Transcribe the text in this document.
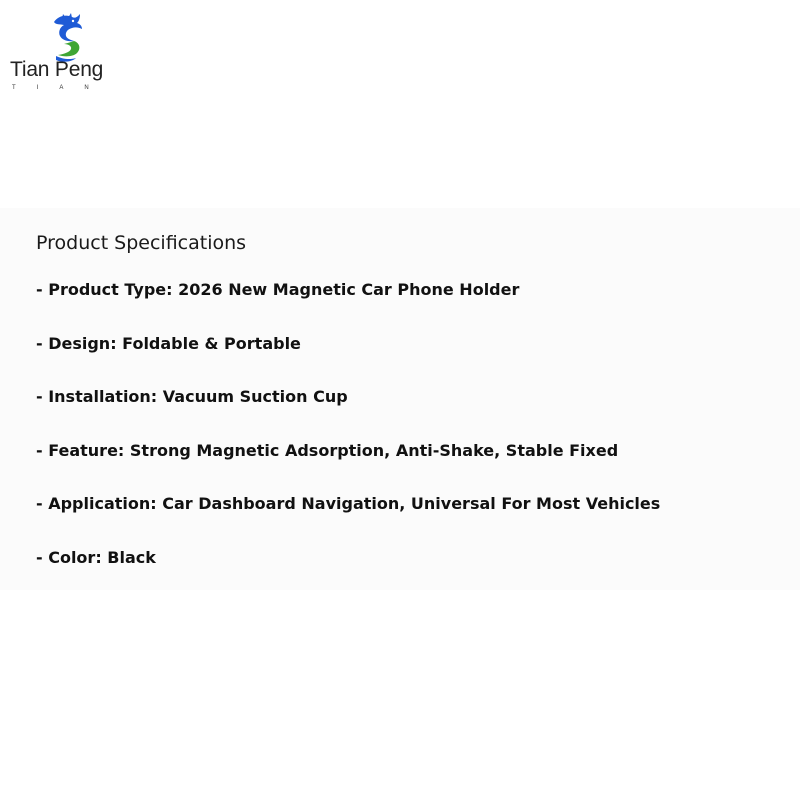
Tian Peng
TIAN
Product Specifications
- Product Type: 2026 New Magnetic Car Phone Holder
- Design: Foldable & Portable
- Installation: Vacuum Suction Cup
- Feature: Strong Magnetic Adsorption, Anti-Shake, Stable Fixed
- Application: Car Dashboard Navigation, Universal For Most Vehicles
- Color: Black
